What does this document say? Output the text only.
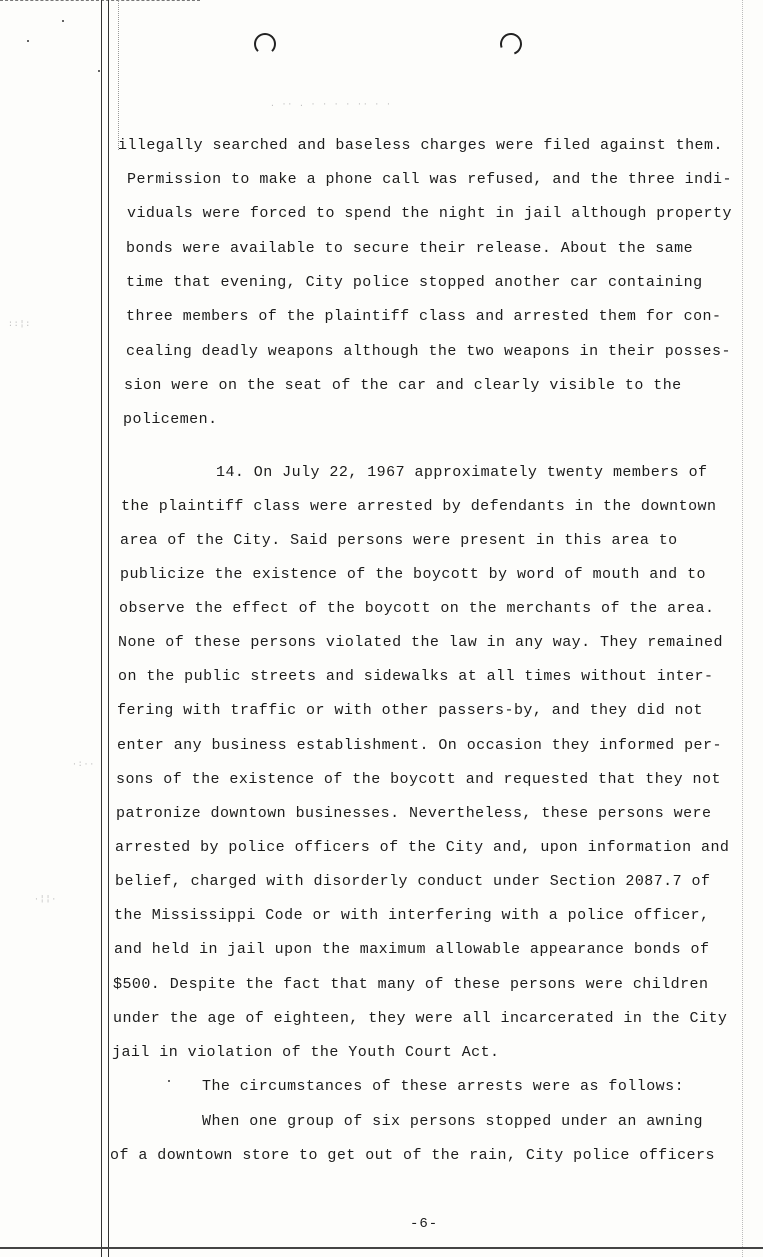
. ·· . · · · · ·· · ·
::¦:
·:··
·¦¦·
illegally searched and baseless charges were filed against them.
Permission to make a phone call was refused, and the three indi-
viduals were forced to spend the night in jail although property
bonds were available to secure their release. About the same
time that evening, City police stopped another car containing
three members of the plaintiff class and arrested them for con-
cealing deadly weapons although the two weapons in their posses-
sion were on the seat of the car and clearly visible to the
policemen.
14. On July 22, 1967 approximately twenty members of
the plaintiff class were arrested by defendants in the downtown
area of the City. Said persons were present in this area to
publicize the existence of the boycott by word of mouth and to
observe the effect of the boycott on the merchants of the area.
None of these persons violated the law in any way. They remained
on the public streets and sidewalks at all times without inter-
fering with traffic or with other passers-by, and they did not
enter any business establishment. On occasion they informed per-
sons of the existence of the boycott and requested that they not
patronize downtown businesses. Nevertheless, these persons were
arrested by police officers of the City and, upon information and
belief, charged with disorderly conduct under Section 2087.7 of
the Mississippi Code or with interfering with a police officer,
and held in jail upon the maximum allowable appearance bonds of
$500. Despite the fact that many of these persons were children
under the age of eighteen, they were all incarcerated in the City
jail in violation of the Youth Court Act.
The circumstances of these arrests were as follows:
When one group of six persons stopped under an awning
of a downtown store to get out of the rain, City police officers
-6-
